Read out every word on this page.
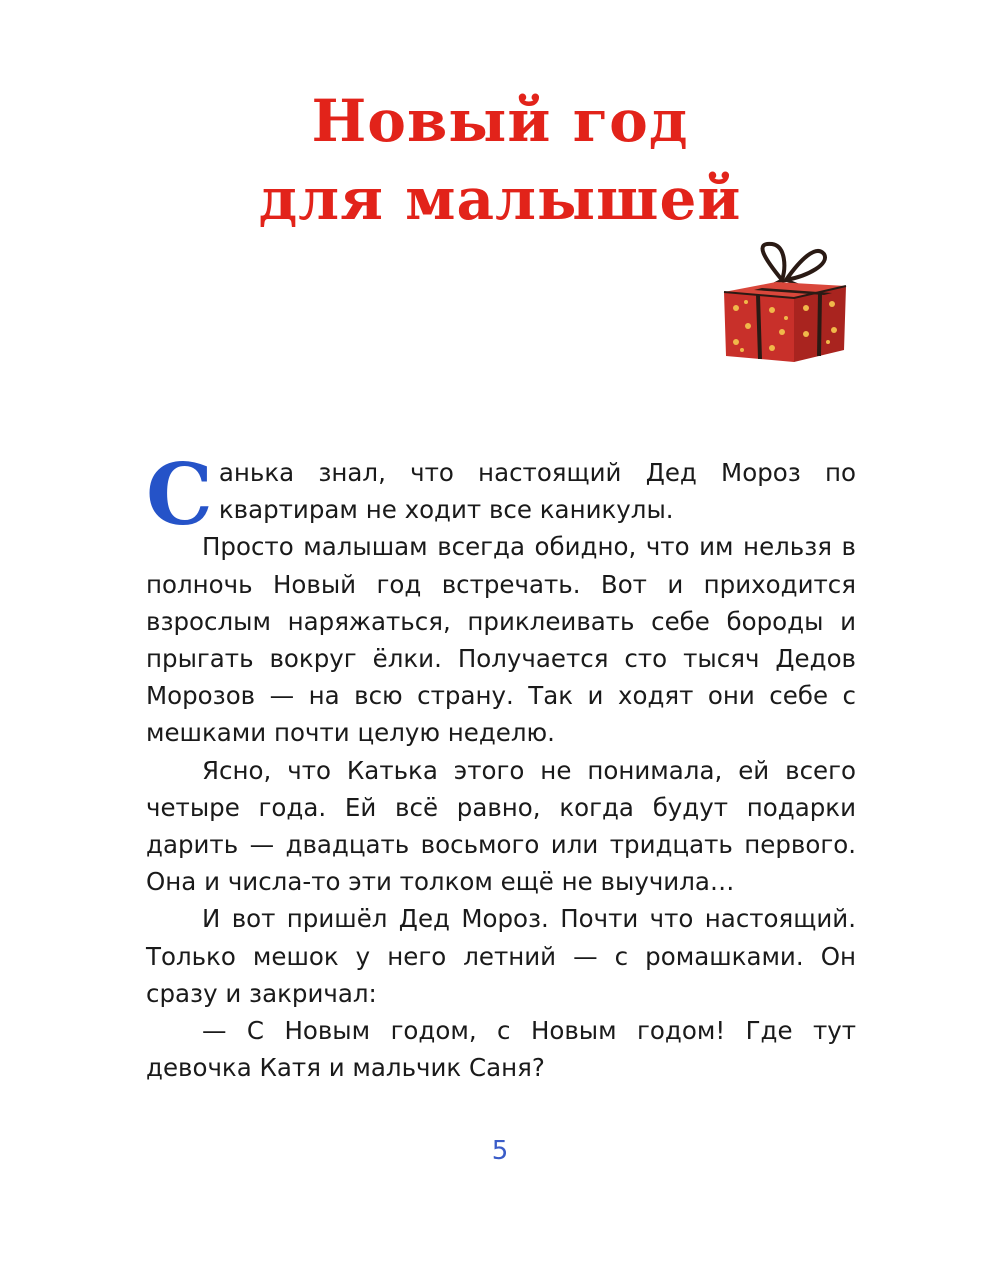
Новый год
для малышей

Санька знал, что настоящий Дед Мороз по квартирам не ходит все каникулы.

Просто малышам всегда обидно, что им нельзя в полночь Новый год встречать. Вот и приходится взрослым наряжаться, приклеивать себе бороды и прыгать вокруг ёлки. Получается сто тысяч Дедов Морозов — на всю страну. Так и ходят они себе с мешками почти целую неделю.

Ясно, что Катька этого не понимала, ей всего четыре года. Ей всё равно, когда будут подарки дарить — двадцать восьмого или тридцать первого. Она и числа-то эти толком ещё не выучила…

И вот пришёл Дед Мороз. Почти что настоящий. Только мешок у него летний — с ромашками. Он сразу и закричал:

— С Новым годом, с Новым годом! Где тут девочка Катя и мальчик Саня?

5
